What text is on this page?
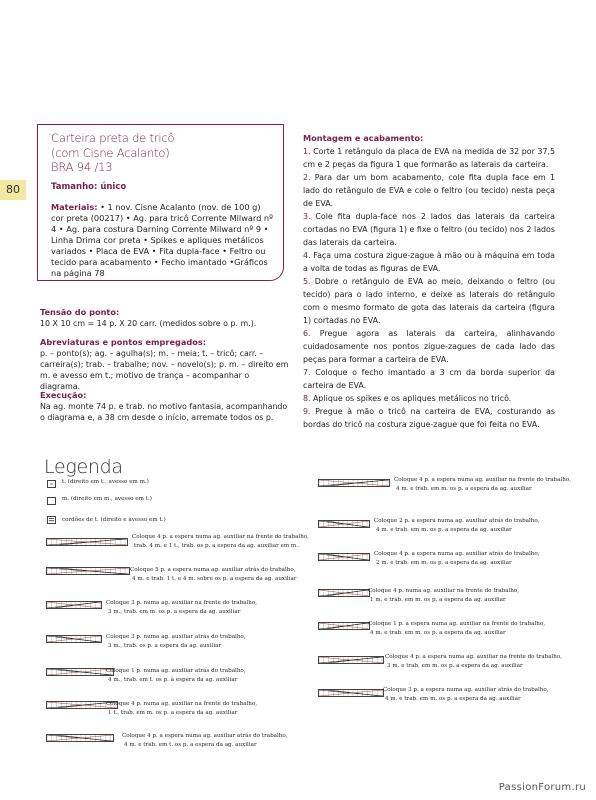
80
Carteira preta de tricô
(com Cisne Acalanto)
BRA 94 /13
Tamanho: único
Materiais: • 1 nov. Cisne Acalanto (nov. de 100 g) cor preta (00217) • Ag. para tricô Corrente Milward nº 4 • Ag. para costura Darning Corrente Milward nº 9 • Linha Drima cor preta • Spikes e apliques metálicos variados • Placa de EVA • Fita dupla-face • Feltro ou tecido para acabamento • Fecho imantado •Gráficos na página 78
Tensão do ponto:
10 X 10 cm = 14 p. X 20 carr. (medidos sobre o p. m.).
Abreviaturas e pontos empregados:
p. – ponto(s); ag. – agulha(s); m. – meia; t. – tricô; carr. – carreira(s); trab. – trabalhe; nov. – novelo(s); p. m. – direito em m. e avesso em t.; motivo de trança – acompanhar o diagrama.
Execução:
Na ag. monte 74 p. e trab. no motivo fantasia, acompanhando o diagrama e, a 38 cm desde o início, arremate todos os p.
Montagem e acabamento:

1. Corte 1 retângulo da placa de EVA na medida de 32 por 37,5 cm e 2 peças da figura 1 que formarão as laterais da carteira.

2. Para dar um bom acabamento, cole fita dupla face em 1 lado do retângulo de EVA e cole o feltro (ou tecido) nesta peça de EVA.

3. Cole fita dupla-face nos 2 lados das laterais da carteira cortadas no EVA (figura 1) e fixe o feltro (ou tecido) nos 2 lados das laterais da carteira.

4. Faça uma costura zigue-zague à mão ou à máquina em toda a volta de todas as figuras de EVA.

5. Dobre o retângulo de EVA ao meio, deixando o feltro (ou tecido) para o lado interno, e deixe as laterais do retângulo com o mesmo formato de gota das laterais da carteira (figura 1) cortadas no EVA.

6. Pregue agora as laterais da carteira, alinhavando cuidadosamente nos pontos zigue-zagues de cada lado das peças para formar a carteira de EVA.

7. Coloque o fecho imantado a 3 cm da borda superior da carteira de EVA.

8. Aplique os spikes e os apliques metálicos no tricô.

9. Pregue à mão o tricô na carteira de EVA, costurando as bordas do tricô na costura zigue-zague que foi feita no EVA.

Legenda
t. (direito em t., avesso em m.)
m. (direito em m., avesso em t.)
cordões de t. (direito e avesso em t.)
Coloque 4 p. a espera numa ag. auxiliar na frente do trabalho,
trab. 4 m. e 1 t., trab. os p. a espera da ag. auxiliar em m..
Coloque 5 p. a espera numa ag. auxiliar atrás do trabalho,
4 m. e trab. 1 t. e 4 m. sobre os p. a espera da ag. auxiliar
Coloque 3 p. numa ag. auxiliar na frente do trabalho,
3 m., trab. em m. os p. a espera da ag. auxiliar
Coloque 3 p. numa ag. auxiliar atrás do trabalho,
3 m., trab. os p. a espera da ag. auxiliar
Coloque 1 p. numa ag. auxiliar atrás do trabalho,
4 m., trab. em t. os p. à espera da ag. auxiliar
Coloque 4 p. numa ag. auxiliar na frente do trabalho,
1 t., trab. em m. os p. a espera da ag. auxiliar
Coloque 4 p. a espera numa ag. auxiliar atrás do trabalho,
4 m. e trab. em t. os p. a espera da ag. auxiliar
Coloque 4 p. a espera numa ag. auxiliar na frente do trabalho,
4 m. e trab. em m. os p. a espera da ag. auxiliar
Coloque 2 p. a espera numa ag. auxiliar atrás do trabalho,
4 m. e trab. em m. os p. a espera da ag. auxiliar
Coloque 4 p. a espera numa ag. auxiliar atrás do trabalho,
2 m. e trab. em m. os p. a espera da ag. auxiliar
Coloque 4 p. numa ag. auxiliar na frente do trabalho,
1 m. e trab. em m. os p. a espera da ag. auxiliar
Coloque 1 p. a espera numa ag. auxiliar na frente do trabalho,
4 m. e trab. em m. os p. a espera da ag. auxiliar
Coloque 4 p. a espera numa ag. auxiliar na frente do trabalho,
3 m. e trab. em m. os p. a espera da ag. auxiliar
Coloque 3 p. a espera numa ag. auxiliar atrás do trabalho,
4 m. e trab. em m. os p. a espera da ag. auxiliar
PassionForum.ru
